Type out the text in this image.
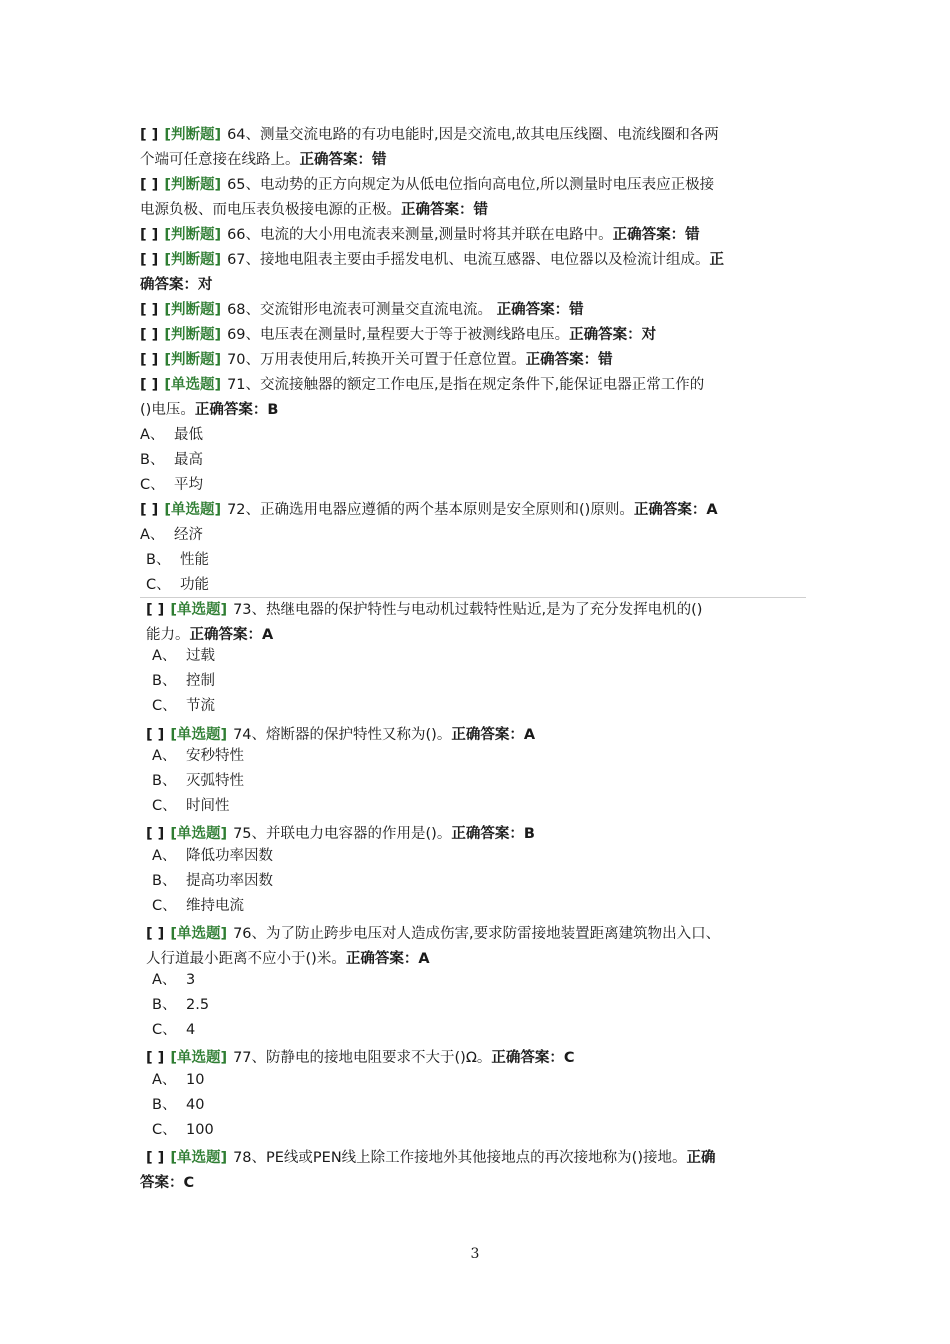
[ ] [判断题] 64、测量交流电路的有功电能时,因是交流电,故其电压线圈、电流线圈和各两
个端可任意接在线路上。正确答案：错
[ ] [判断题] 65、电动势的正方向规定为从低电位指向高电位,所以测量时电压表应正极接
电源负极、而电压表负极接电源的正极。正确答案：错
[ ] [判断题] 66、电流的大小用电流表来测量,测量时将其并联在电路中。正确答案：错
[ ] [判断题] 67、接地电阻表主要由手摇发电机、电流互感器、电位器以及检流计组成。正
确答案：对
[ ] [判断题] 68、交流钳形电流表可测量交直流电流。 正确答案：错
[ ] [判断题] 69、电压表在测量时,量程要大于等于被测线路电压。正确答案：对
[ ] [判断题] 70、万用表使用后,转换开关可置于任意位置。正确答案：错
[ ] [单选题] 71、交流接触器的额定工作电压,是指在规定条件下,能保证电器正常工作的
()电压。正确答案：B
A、 最低
B、 最高
C、 平均
[ ] [单选题] 72、正确选用电器应遵循的两个基本原则是安全原则和()原则。正确答案：A
A、 经济
B、 性能
C、 功能
[ ] [单选题] 73、热继电器的保护特性与电动机过载特性贴近,是为了充分发挥电机的()
能力。正确答案：A
A、 过载
B、 控制
C、 节流
[ ] [单选题] 74、熔断器的保护特性又称为()。正确答案：A
A、 安秒特性
B、 灭弧特性
C、 时间性
[ ] [单选题] 75、并联电力电容器的作用是()。正确答案：B
A、 降低功率因数
B、 提高功率因数
C、 维持电流
[ ] [单选题] 76、为了防止跨步电压对人造成伤害,要求防雷接地装置距离建筑物出入口、
人行道最小距离不应小于()米。正确答案：A
A、 3
B、 2.5
C、 4
[ ] [单选题] 77、防静电的接地电阻要求不大于()Ω。正确答案：C
A、 10
B、 40
C、 100
[ ] [单选题] 78、PE线或PEN线上除工作接地外其他接地点的再次接地称为()接地。正确
答案：C
3
